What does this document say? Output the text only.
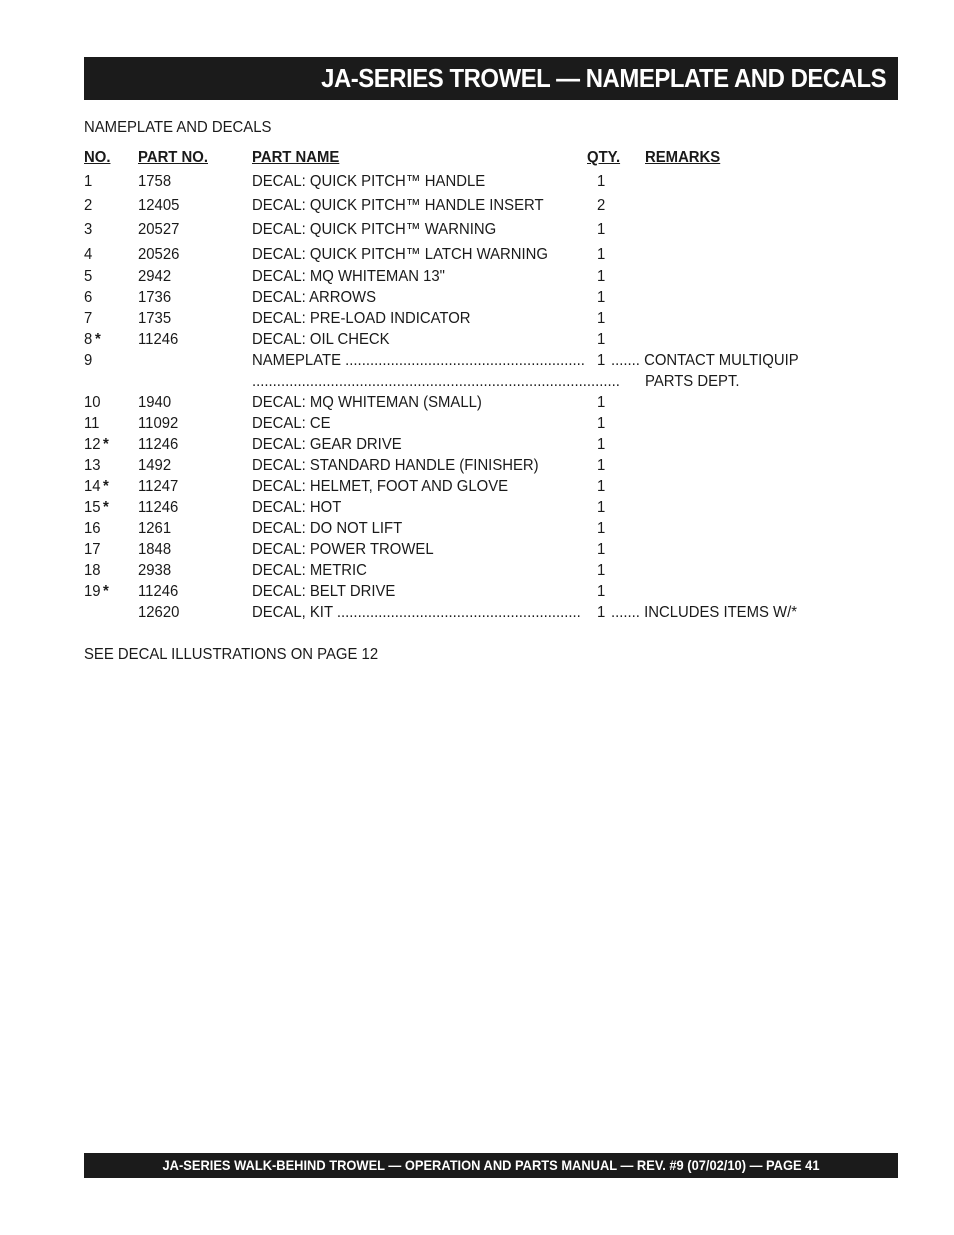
JA-SERIES TROWEL — NAMEPLATE AND DECALS
NAMEPLATE AND DECALS
NO. PART NO.	PART NAME	QTY. REMARKS
1	1758	DECAL: QUICK PITCH™ HANDLE	1
2	12405	DECAL: QUICK PITCH™ HANDLE INSERT	2
3	20527	DECAL: QUICK PITCH™ WARNING	1
4	20526	DECAL: QUICK PITCH™ LATCH WARNING	1
5	2942	DECAL: MQ WHITEMAN 13"	1
6	1736	DECAL: ARROWS	1
7	1735	DECAL: PRE-LOAD INDICATOR	1
8 * 11246	DECAL: OIL CHECK	1
9	NAMEPLATE .......................................................... 1 ....... CONTACT MULTIQUIP
......................................................................................... PARTS DEPT.
10 1940	DECAL: MQ WHITEMAN (SMALL)	1
11 11092	DECAL: CE	1
12 * 11246	DECAL: GEAR DRIVE	1
13 1492	DECAL: STANDARD HANDLE (FINISHER)	1
14 * 11247	DECAL: HELMET, FOOT AND GLOVE	1
15 * 11246	DECAL: HOT	1
16 1261	DECAL: DO NOT LIFT	1
17 1848	DECAL: POWER TROWEL	1
18 2938	DECAL: METRIC	1
19 * 11246	DECAL: BELT DRIVE	1
12620	DECAL, KIT ........................................................... 1 ....... INCLUDES ITEMS W/*
SEE DECAL ILLUSTRATIONS ON PAGE 12
JA-SERIES WALK-BEHIND TROWEL — OPERATION AND PARTS MANUAL — REV. #9 (07/02/10) — PAGE 41
